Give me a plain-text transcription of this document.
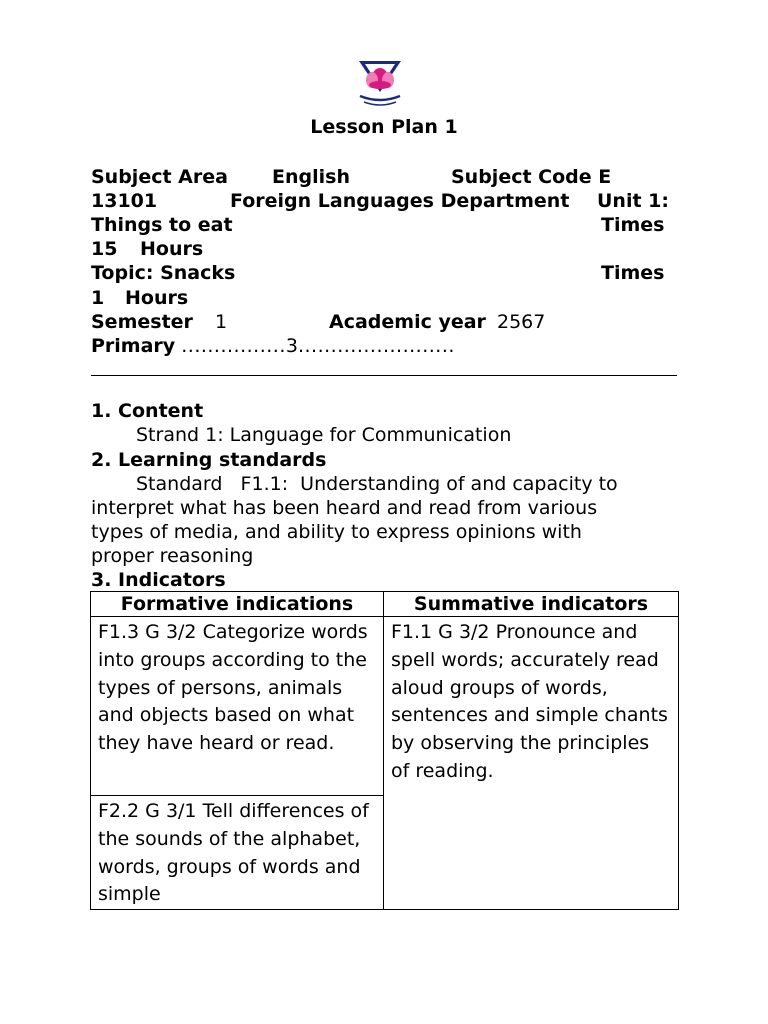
Lesson Plan 1
Subject Area English	Subject Code E
13101	Foreign Languages Department Unit 1:
Things to eat	Times
15 Hours
Topic: Snacks	Times
1 Hours
Semester 1	Academic year 2567
Primary ................3........................
1. Content
Strand 1: Language for Communication
2. Learning standards
Standard   F1.1:  Understanding of and capacity to
interpret what has been heard and read from various
types of media, and ability to express opinions with
proper reasoning
3. Indicators
Formative indications	Summative indicators
F1.3 G 3/2 Categorize words into groups according to the types of persons, animals and objects based on what they have heard or read.	F1.1 G 3/2 Pronounce and spell words; accurately read aloud groups of words, sentences and simple chants by observing the principles of reading.
F2.2 G 3/1 Tell differences of the sounds of the alphabet, words, groups of words and simple	
